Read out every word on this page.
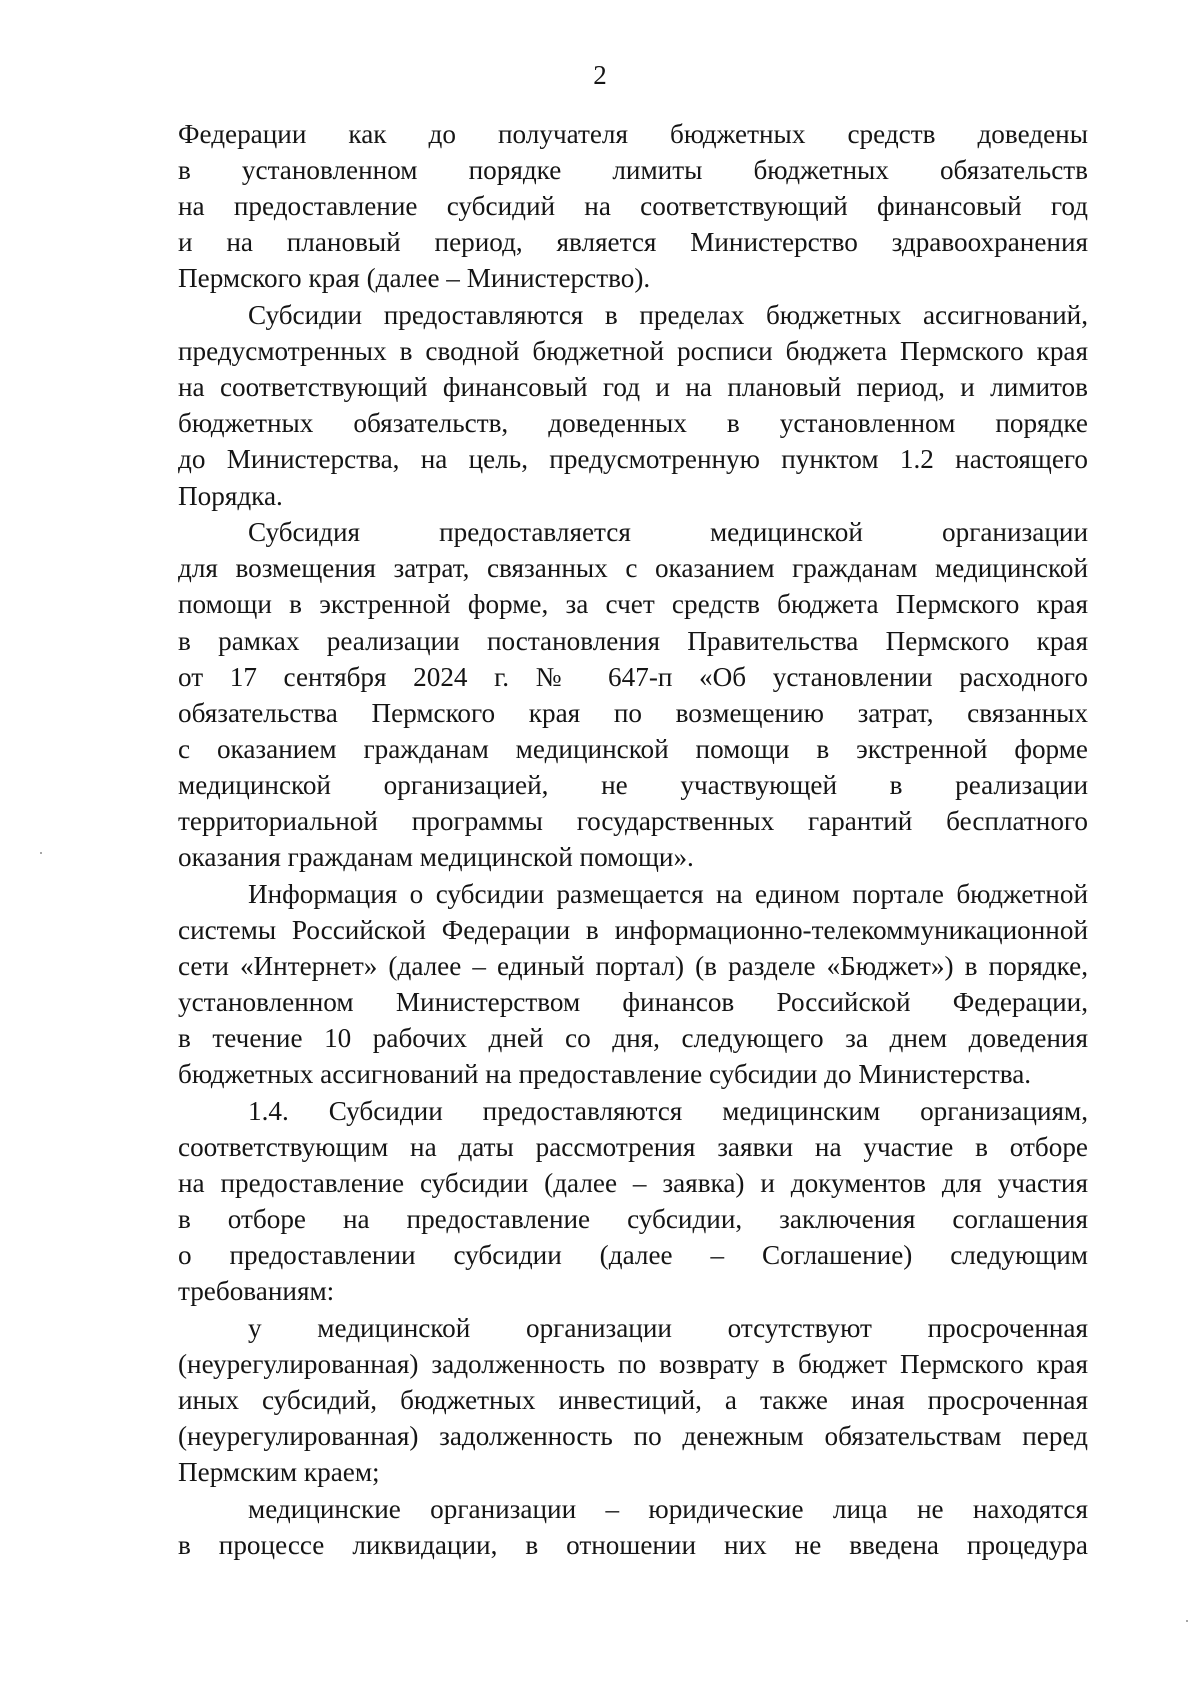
2
Федерации как до получателя бюджетных средств доведены
в установленном порядке лимиты бюджетных обязательств
на предоставление субсидий на соответствующий финансовый год
и на плановый период, является Министерство здравоохранения
Пермского края (далее – Министерство).
Субсидии предоставляются в пределах бюджетных ассигнований,
предусмотренных в сводной бюджетной росписи бюджета Пермского края
на соответствующий финансовый год и на плановый период, и лимитов
бюджетных обязательств, доведенных в установленном порядке
до Министерства, на цель, предусмотренную пунктом 1.2 настоящего
Порядка.
Субсидия предоставляется медицинской организации
для возмещения затрат, связанных с оказанием гражданам медицинской
помощи в экстренной форме, за счет средств бюджета Пермского края
в рамках реализации постановления Правительства Пермского края
от 17 сентября 2024 г. № 647-п «Об установлении расходного
обязательства Пермского края по возмещению затрат, связанных
с оказанием гражданам медицинской помощи в экстренной форме
медицинской организацией, не участвующей в реализации
территориальной программы государственных гарантий бесплатного
оказания гражданам медицинской помощи».
Информация о субсидии размещается на едином портале бюджетной
системы Российской Федерации в информационно-телекоммуникационной
сети «Интернет» (далее – единый портал) (в разделе «Бюджет») в порядке,
установленном Министерством финансов Российской Федерации,
в течение 10 рабочих дней со дня, следующего за днем доведения
бюджетных ассигнований на предоставление субсидии до Министерства.
1.4. Субсидии предоставляются медицинским организациям,
соответствующим на даты рассмотрения заявки на участие в отборе
на предоставление субсидии (далее – заявка) и документов для участия
в отборе на предоставление субсидии, заключения соглашения
о предоставлении субсидии (далее – Соглашение) следующим
требованиям:
у медицинской организации отсутствуют просроченная
(неурегулированная) задолженность по возврату в бюджет Пермского края
иных субсидий, бюджетных инвестиций, а также иная просроченная
(неурегулированная) задолженность по денежным обязательствам перед
Пермским краем;
медицинские организации – юридические лица не находятся
в процессе ликвидации, в отношении них не введена процедура
